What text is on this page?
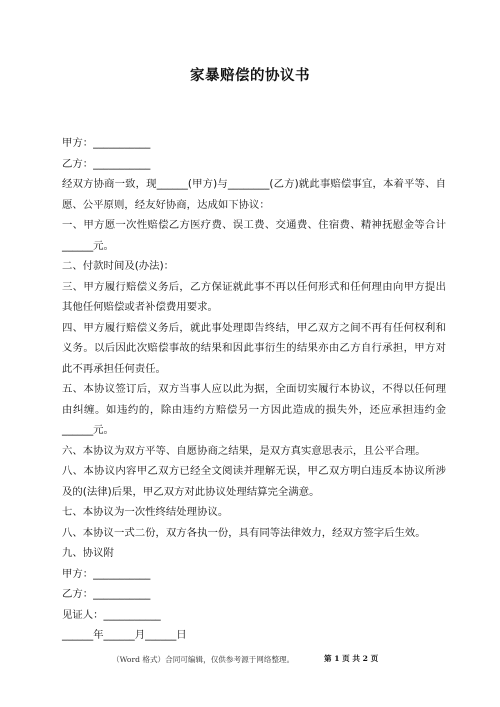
家暴赔偿的协议书

甲方：___________

乙方：___________

经双方协商一致，现______(甲方)与________(乙方)就此事赔偿事宜，本着平等、自愿、公平原则，经友好协商，达成如下协议：

一、甲方愿一次性赔偿乙方医疗费、误工费、交通费、住宿费、精神抚慰金等合计______元。

二、付款时间及(办法)：

三、甲方履行赔偿义务后，乙方保证就此事不再以任何形式和任何理由向甲方提出其他任何赔偿或者补偿费用要求。

四、甲方履行赔偿义务后，就此事处理即告终结，甲乙双方之间不再有任何权利和义务。以后因此次赔偿事故的结果和因此事衍生的结果亦由乙方自行承担，甲方对此不再承担任何责任。

五、本协议签订后，双方当事人应以此为据，全面切实履行本协议，不得以任何理由纠缠。如违约的，除由违约方赔偿另一方因此造成的损失外，还应承担违约金______元。

六、本协议为双方平等、自愿协商之结果，是双方真实意思表示，且公平合理。

八、本协议内容甲乙双方已经全文阅读并理解无误，甲乙双方明白违反本协议所涉及的(法律)后果，甲乙双方对此协议处理结算完全满意。

七、本协议为一次性终结处理协议。

八、本协议一式二份，双方各执一份，具有同等法律效力，经双方签字后生效。

九、协议附

甲方：___________

乙方：___________

见证人：___________

______年______月______日

（Word 格式）合同可编辑，仅供参考源于网络整理。	第 1 页 共 2 页
